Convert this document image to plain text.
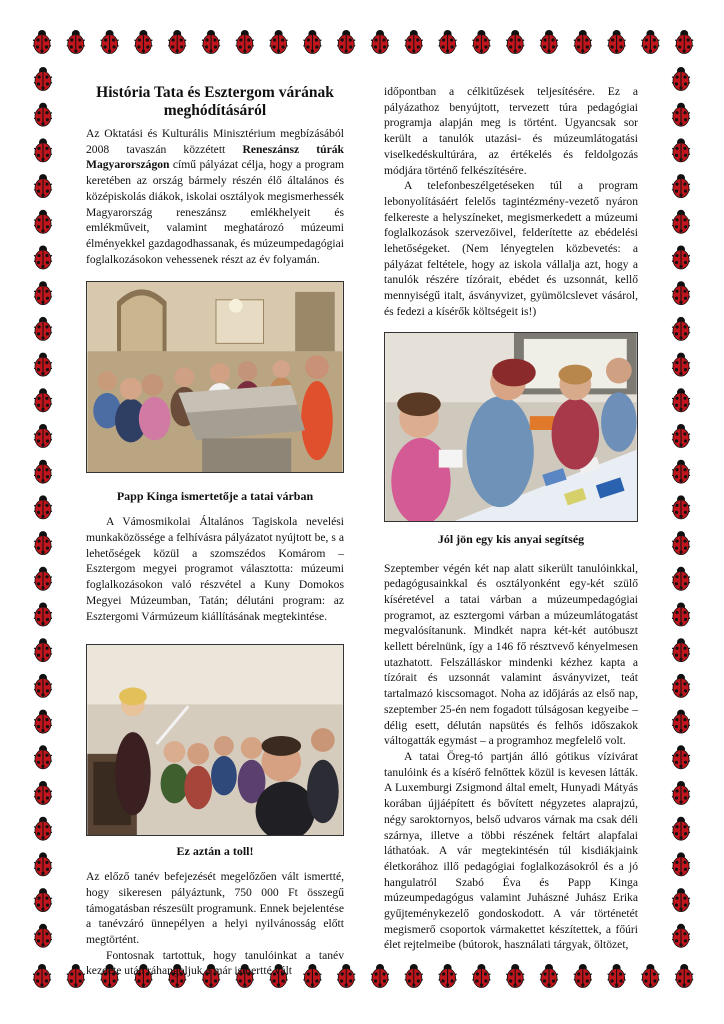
História Tata és Esztergom várának meghódításáról

Az Oktatási és Kulturális Minisztérium megbízásából 2008 tavaszán közzétett Reneszánsz túrák Magyarországon című pályázat célja, hogy a program keretében az ország bármely részén élő általános és középiskolás diákok, iskolai osztályok megismerhessék Magyarország reneszánsz emlékhelyeit és emlékműveit, valamint meghatározó múzeumi élményekkel gazdagodhassanak, és múzeumpedagógiai foglalkozásokon vehessenek részt az év folyamán.

Papp Kinga ismertetője a tatai várban

A Vámosmikolai Általános Tagiskola nevelési munkaközössége a felhívásra pályázatot nyújtott be, s a lehetőségek közül a szomszédos Komárom – Esztergom megyei programot választotta: múzeumi foglalkozásokon való részvétel a Kuny Domokos Megyei Múzeumban, Tatán; délutáni program: az Esztergomi Vármúzeum kiállításának megtekintése.

Ez aztán a toll!

Az előző tanév befejezését megelőzően vált ismertté, hogy sikeresen pályáztunk, 750 000 Ft összegű támogatásban részesült programunk. Ennek bejelentése a tanévzáró ünnepélyen a helyi nyilvánosság előtt megtörtént.

Fontosnak tartottuk, hogy tanulóinkat a tanév kezdete után ráhangoljuk a már ismertté vált

időpontban a célkitűzések teljesítésére. Ez a pályázathoz benyújtott, tervezett túra pedagógiai programja alapján meg is történt. Ugyancsak sor került a tanulók utazási- és múzeumlátogatási viselkedéskultúrára, az értékelés és feldolgozás módjára történő felkészítésére.

A telefonbeszélgetéseken túl a program lebonyolításáért felelős tagintézmény-vezető nyáron felkereste a helyszíneket, megismerkedett a múzeumi foglalkozások szervezőivel, felderítette az ebédelési lehetőségeket. (Nem lényegtelen közbevetés: a pályázat feltétele, hogy az iskola vállalja azt, hogy a tanulók részére tízórait, ebédet és uzsonnát, kellő mennyiségű italt, ásványvizet, gyümölcslevet vásárol, és fedezi a kísérők költségeit is!)

Jól jön egy kis anyai segítség

Szeptember végén két nap alatt sikerült tanulóinkkal, pedagógusainkkal és osztályonként egy-két szülő kíséretével a tatai várban a múzeumpedagógiai programot, az esztergomi várban a múzeumlátogatást megvalósítanunk. Mindkét napra két-két autóbuszt kellett bérelnünk, így a 146 fő résztvevő kényelmesen utazhatott. Felszálláskor mindenki kézhez kapta a tízórait és uzsonnát valamint ásványvizet, teát tartalmazó kiscsomagot. Noha az időjárás az első nap, szeptember 25-én nem fogadott túlságosan kegyeibe – délig esett, délután napsütés és felhős időszakok váltogatták egymást – a programhoz megfelelő volt.

A tatai Öreg-tó partján álló gótikus vízivárat tanulóink és a kísérő felnőttek közül is kevesen látták. A Luxemburgi Zsigmond által emelt, Hunyadi Mátyás korában újjáépített és bővített négyzetes alaprajzú, négy saroktornyos, belső udvaros várnak ma csak déli szárnya, illetve a többi részének feltárt alapfalai láthatóak. A vár megtekintésén túl kisdiákjaink életkorához illő pedagógiai foglalkozásokról és a jó hangulatról Szabó Éva és Papp Kinga múzeumpedagógus valamint Juhászné Juhász Erika gyűjteménykezelő gondoskodott. A vár történetét megismerő csoportok vármakettet készítettek, a főúri élet rejtelmeibe (bútorok, használati tárgyak, öltözet,
